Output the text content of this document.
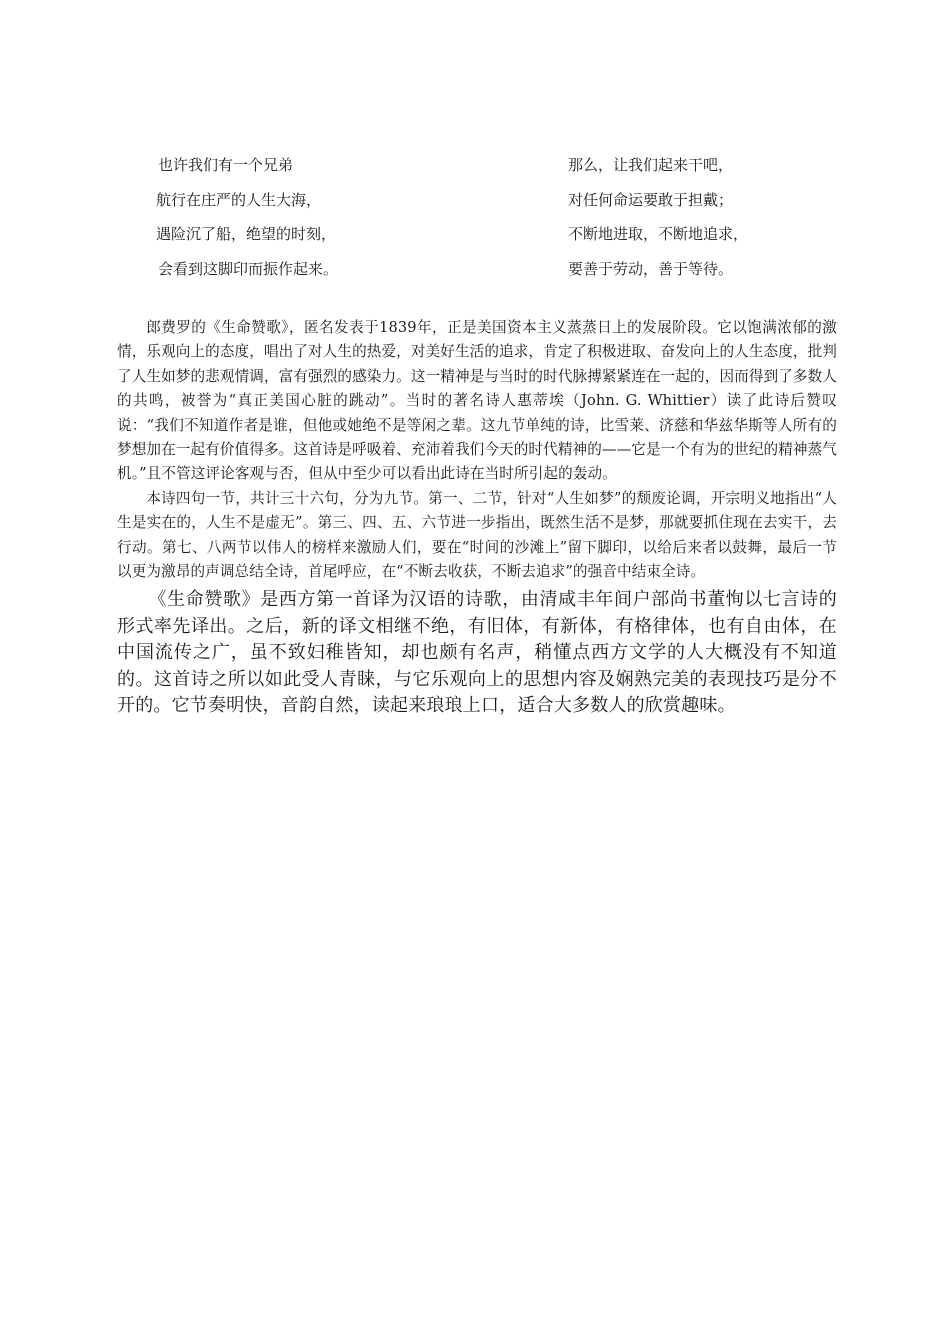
也许我们有一个兄弟
航行在庄严的人生大海，
遇险沉了船，绝望的时刻，
会看到这脚印而振作起来。
那么，让我们起来干吧，
对任何命运要敢于担戴；
不断地进取，不断地追求，
要善于劳动，善于等待。

郎费罗的《生命赞歌》，匿名发表于1839年，正是美国资本主义蒸蒸日上的发展阶段。它以饱满浓郁的激情，乐观向上的态度，唱出了对人生的热爱，对美好生活的追求，肯定了积极进取、奋发向上的人生态度，批判了人生如梦的悲观情调，富有强烈的感染力。这一精神是与当时的时代脉搏紧紧连在一起的，因而得到了多数人的共鸣，被誉为“真正美国心脏的跳动”。当时的著名诗人惠蒂埃（John. G. Whittier）读了此诗后赞叹说：“我们不知道作者是谁，但他或她绝不是等闲之辈。这九节单纯的诗，比雪莱、济慈和华兹华斯等人所有的梦想加在一起有价值得多。这首诗是呼吸着、充沛着我们今天的时代精神的——它是一个有为的世纪的精神蒸气机。”且不管这评论客观与否，但从中至少可以看出此诗在当时所引起的轰动。

本诗四句一节，共计三十六句，分为九节。第一、二节，针对“人生如梦”的颓废论调，开宗明义地指出“人生是实在的，人生不是虚无”。第三、四、五、六节进一步指出，既然生活不是梦，那就要抓住现在去实干，去行动。第七、八两节以伟人的榜样来激励人们，要在“时间的沙滩上”留下脚印，以给后来者以鼓舞，最后一节以更为激昂的声调总结全诗，首尾呼应，在“不断去收获，不断去追求”的强音中结束全诗。

《生命赞歌》是西方第一首译为汉语的诗歌，由清咸丰年间户部尚书董恂以七言诗的形式率先译出。之后，新的译文相继不绝，有旧体，有新体，有格律体，也有自由体，在中国流传之广，虽不致妇稚皆知，却也颇有名声，稍懂点西方文学的人大概没有不知道的。这首诗之所以如此受人青睐，与它乐观向上的思想内容及娴熟完美的表现技巧是分不开的。它节奏明快，音韵自然，读起来琅琅上口，适合大多数人的欣赏趣味。
